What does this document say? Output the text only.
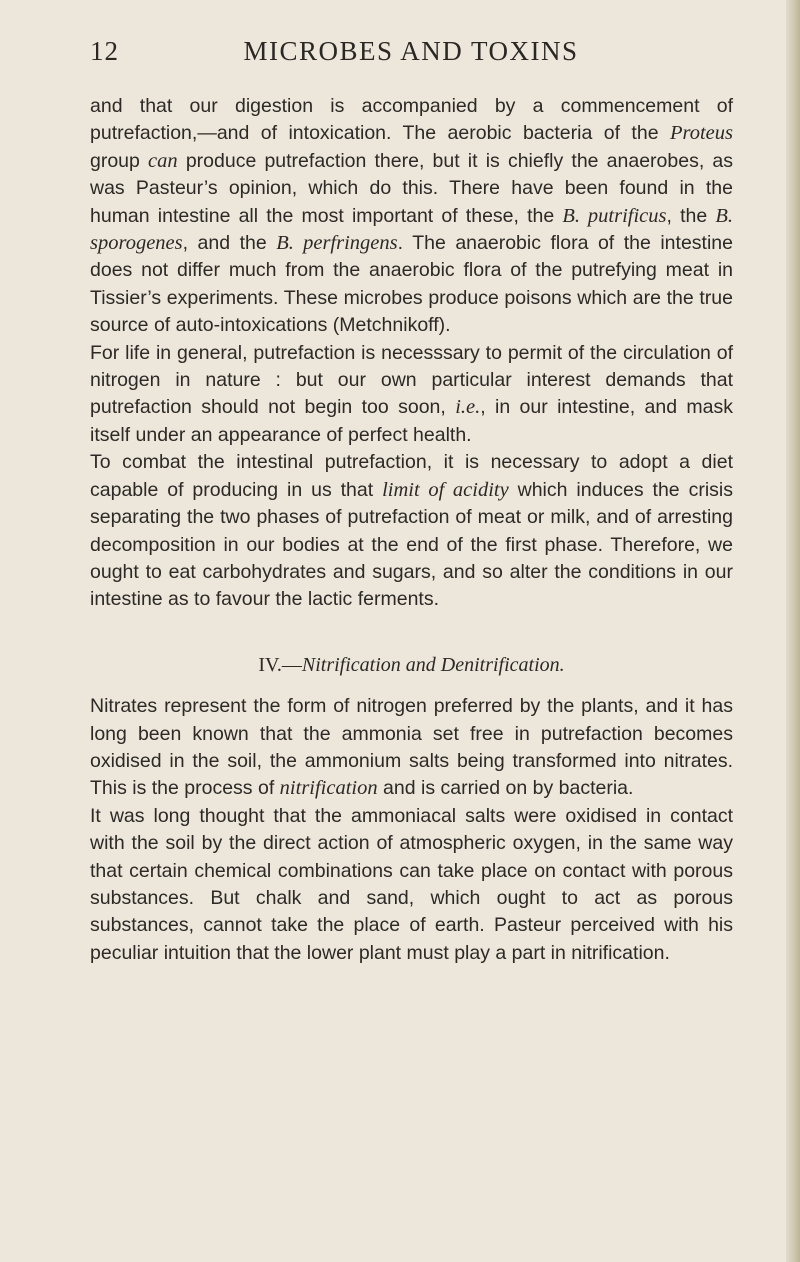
12	MICROBES AND TOXINS

and that our digestion is accompanied by a commencement of putrefaction,—and of intoxication. The aerobic bacteria of the Proteus group can produce putrefaction there, but it is chiefly the anaerobes, as was Pasteur’s opinion, which do this. There have been found in the human intestine all the most important of these, the B. putrificus, the B. sporogenes, and the B. perfringens. The anaerobic flora of the intestine does not differ much from the anaerobic flora of the putrefying meat in Tissier’s experiments. These microbes produce poisons which are the true source of auto-intoxications (Metchnikoff).

For life in general, putrefaction is necesssary to permit of the circulation of nitrogen in nature : but our own particular interest demands that putrefaction should not begin too soon, i.e., in our intestine, and mask itself under an appearance of perfect health.

To combat the intestinal putrefaction, it is necessary to adopt a diet capable of producing in us that limit of acidity which induces the crisis separating the two phases of putrefaction of meat or milk, and of arresting decomposition in our bodies at the end of the first phase. Therefore, we ought to eat carbohydrates and sugars, and so alter the conditions in our intestine as to favour the lactic ferments.

IV.—Nitrification and Denitrification.

Nitrates represent the form of nitrogen preferred by the plants, and it has long been known that the ammonia set free in putrefaction becomes oxidised in the soil, the ammonium salts being transformed into nitrates. This is the process of nitrification and is carried on by bacteria.

It was long thought that the ammoniacal salts were oxidised in contact with the soil by the direct action of atmospheric oxygen, in the same way that certain chemical combinations can take place on contact with porous substances. But chalk and sand, which ought to act as porous substances, cannot take the place of earth. Pasteur perceived with his peculiar intuition that the lower plant must play a part in nitrification.
